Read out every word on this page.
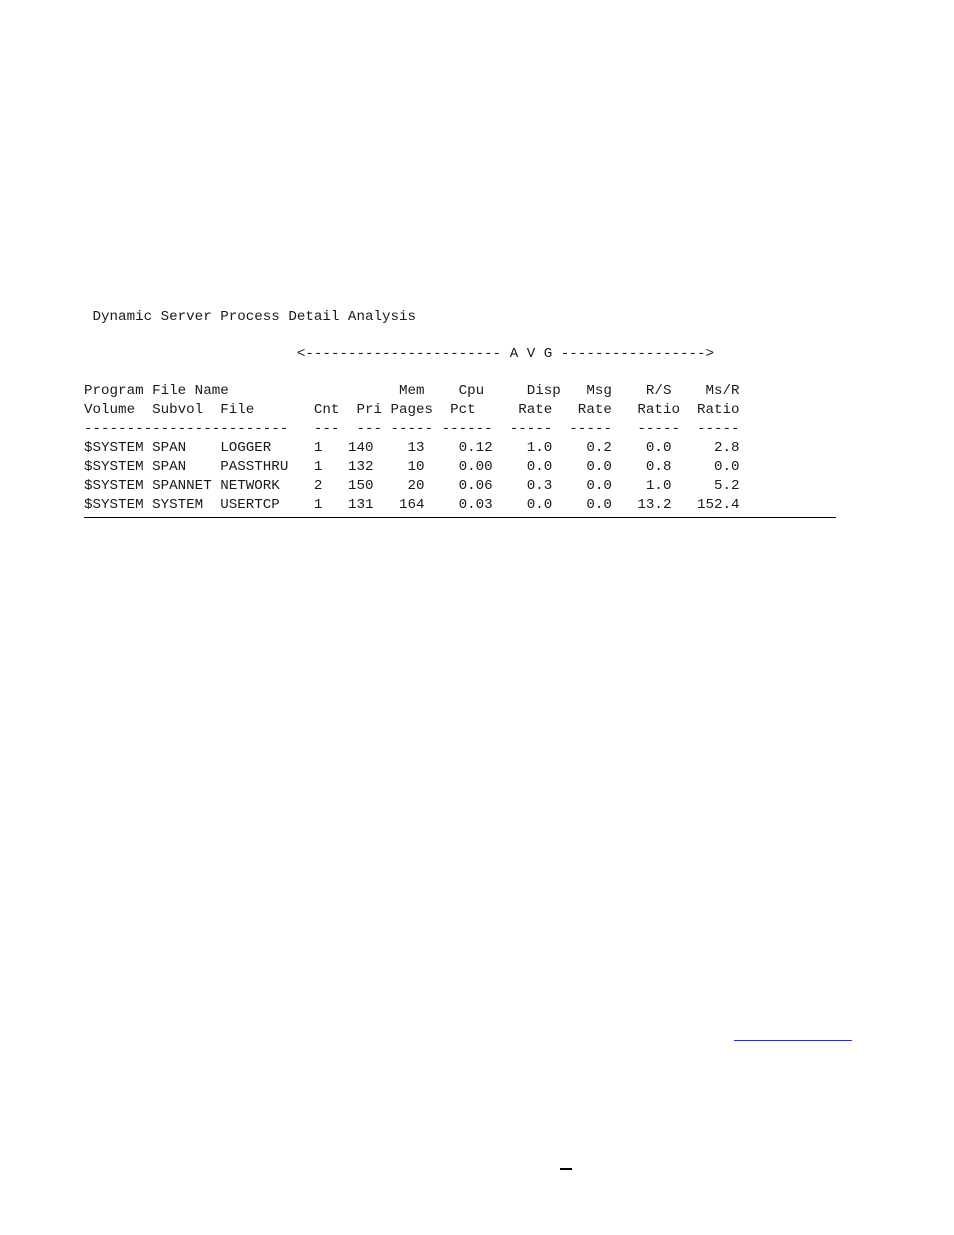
Dynamic Server Process Detail Analysis
<----------------------- A V G ----------------->
Program File Name                    Mem    Cpu     Disp   Msg    R/S    Ms/R
Volume  Subvol  File       Cnt  Pri Pages  Pct     Rate   Rate   Ratio  Ratio
------------------------   ---  --- ----- ------  -----  -----   -----  -----
$SYSTEM SPAN    LOGGER     1   140    13    0.12    1.0    0.2    0.0     2.8
$SYSTEM SPAN    PASSTHRU   1   132    10    0.00    0.0    0.0    0.8     0.0
$SYSTEM SPANNET NETWORK    2   150    20    0.06    0.3    0.0    1.0     5.2
$SYSTEM SYSTEM  USERTCP    1   131   164    0.03    0.0    0.0   13.2   152.4
